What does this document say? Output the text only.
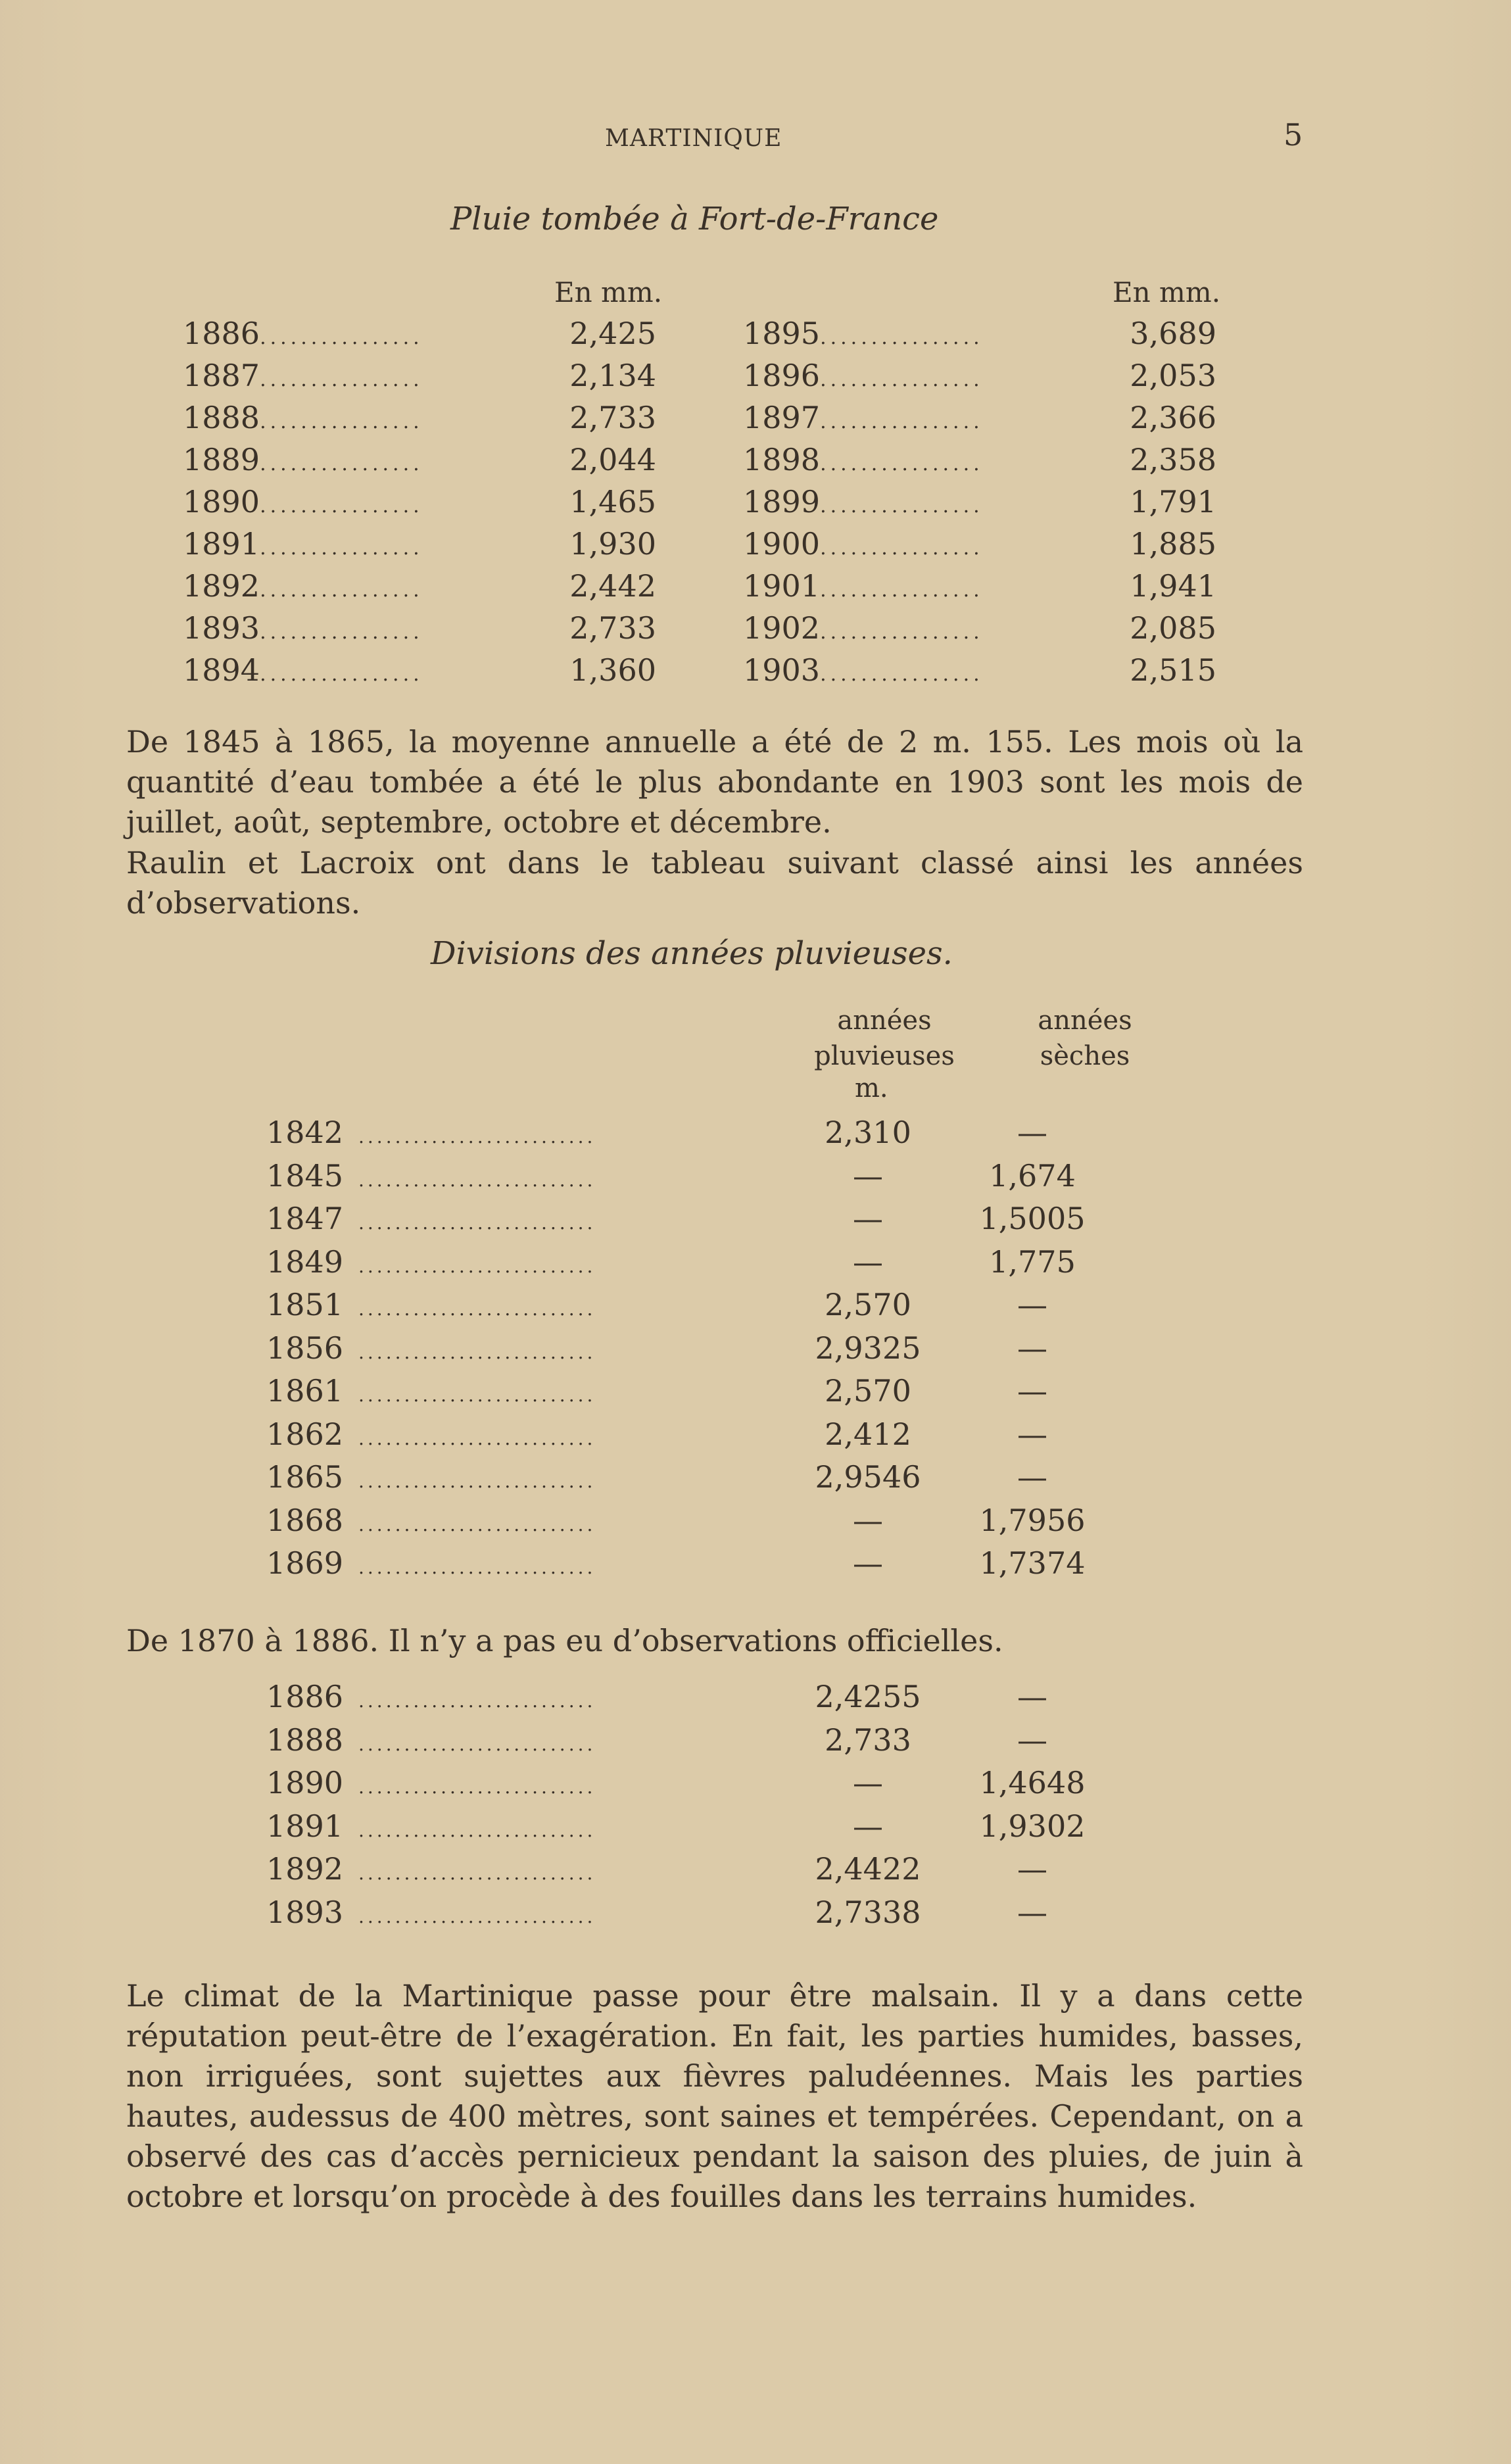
MARTINIQUE	5
Pluie tombée à Fort-de-France
En mm.	En mm.
1886 ................	2,425
1887 ................	2,134
1888 ................	2,733
1889 ................	2,044
1890 ................	1,465
1891 ................	1,930
1892 ................	2,442
1893 ................	2,733
1894 ................	1,360
1895 ................	3,689
1896 ................	2,053
1897 ................	2,366
1898 ................	2,358
1899 ................	1,791
1900 ................	1,885
1901 ................	1,941
1902 ................	2,085
1903 ................	2,515
De 1845 à 1865, la moyenne annuelle a été de 2 m. 155. Les mois où la quantité d’eau tombée a été le plus abondante en 1903 sont les mois de juillet, août, septembre, octobre et décembre.
Raulin et Lacroix ont dans le tableau suivant classé ainsi les années d’observations.
Divisions des années pluvieuses.
années
pluvieuses
années
sèches
m.
1842 ..........................	2,310	—
1845 ..........................	—	1,674
1847 ..........................	—	1,5005
1849 ..........................	—	1,775
1851 ..........................	2,570	—
1856 ..........................	2,9325	—
1861 ..........................	2,570	—
1862 ..........................	2,412	—
1865 ..........................	2,9546	—
1868 ..........................	—	1,7956
1869 ..........................	—	1,7374
De 1870 à 1886. Il n’y a pas eu d’observations officielles.
1886 ..........................	2,4255	—
1888 ..........................	2,733	—
1890 ..........................	—	1,4648
1891 ..........................	—	1,9302
1892 ..........................	2,4422	—
1893 ..........................	2,7338	—
Le climat de la Martinique passe pour être malsain. Il y a dans cette réputation peut-être de l’exagération. En fait, les parties humides, basses, non irriguées, sont sujettes aux fièvres paludéennes. Mais les parties hautes, audessus de 400 mètres, sont saines et tempérées. Cependant, on a observé des cas d’accès pernicieux pendant la saison des pluies, de juin à octobre et lorsqu’on procède à des fouilles dans les terrains humides.
